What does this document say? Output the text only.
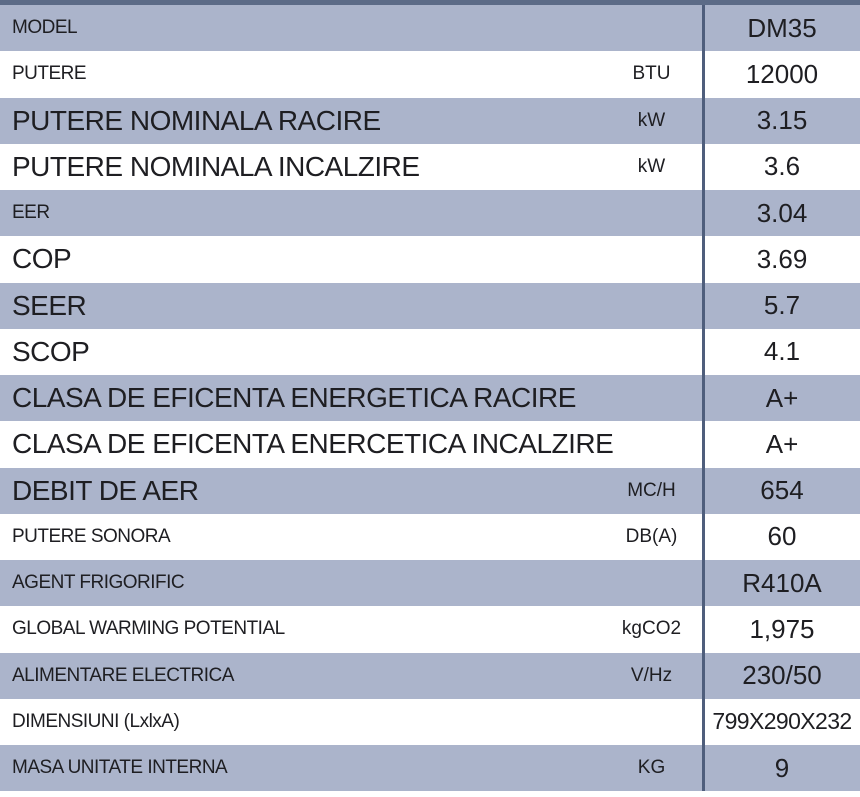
MODEL	DM35
PUTERE	BTU	12000
PUTERE NOMINALA RACIRE	kW	3.15
PUTERE NOMINALA INCALZIRE	kW	3.6
EER	3.04
COP	3.69
SEER	5.7
SCOP	4.1
CLASA DE EFICENTA ENERGETICA RACIRE	A+
CLASA DE EFICENTA ENERCETICA INCALZIRE	A+
DEBIT DE AER	MC/H	654
PUTERE SONORA	DB(A)	60
AGENT FRIGORIFIC	R410A
GLOBAL WARMING POTENTIAL	kgCO2	1,975
ALIMENTARE ELECTRICA	V/Hz	230/50
DIMENSIUNI (LxlxA)	799X290X232
MASA UNITATE INTERNA	KG	9
